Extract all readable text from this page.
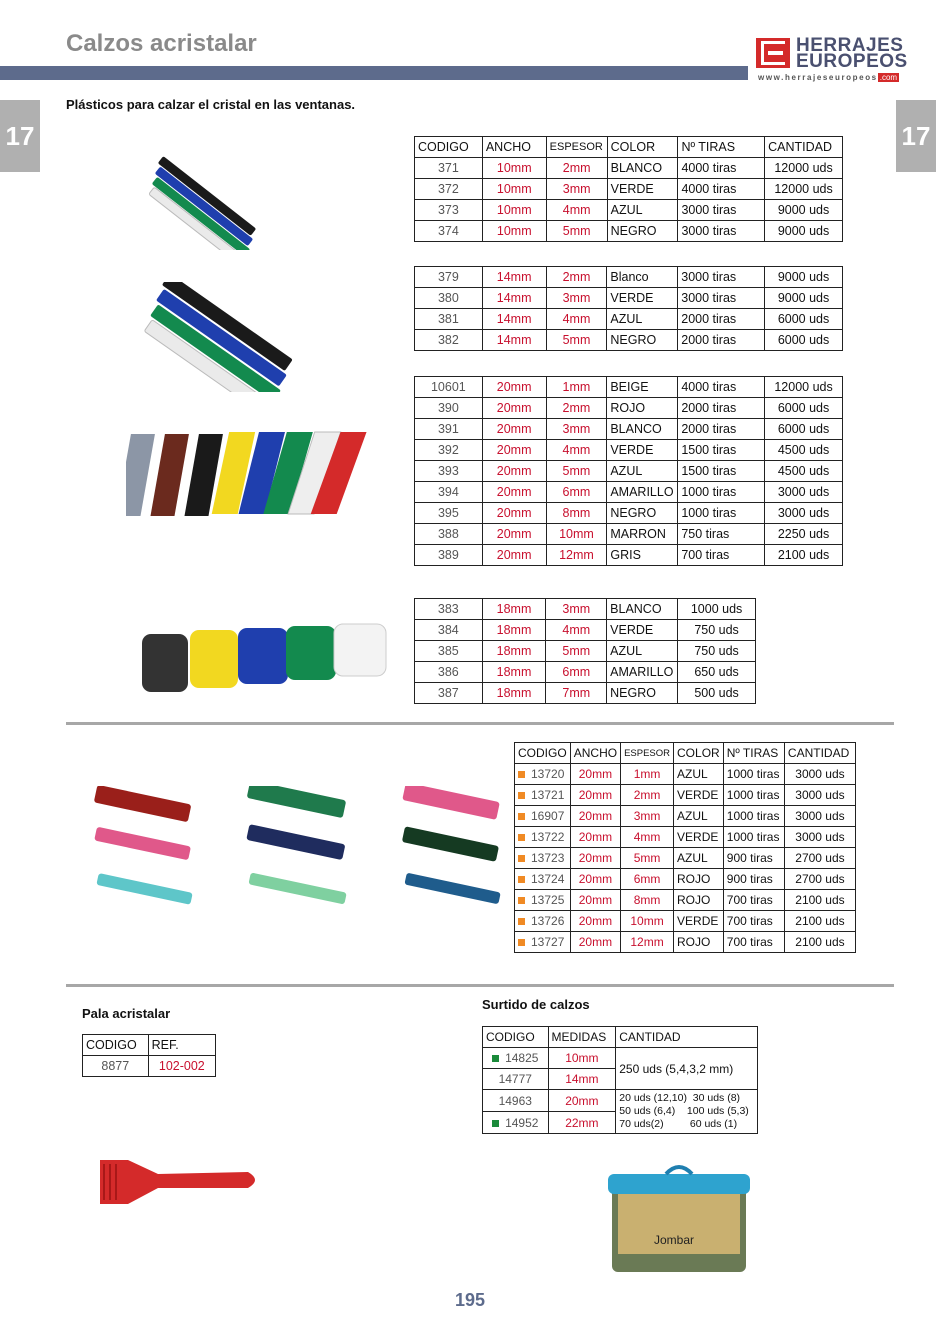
Calzos acristalar	HERRAJES
EUROPEOS
www.herrajeseuropeos .com
17	17
Plásticos para calzar el cristal en las ventanas.
Jombar
CODIGO	ANCHO	ESPESOR	COLOR	Nº TIRAS	CANTIDAD
371	10mm	2mm	BLANCO	4000 tiras	12000 uds
372	10mm	3mm	VERDE	4000 tiras	12000 uds
373	10mm	4mm	AZUL	3000 tiras	9000 uds
374	10mm	5mm	NEGRO	3000 tiras	9000 uds
379	14mm	2mm	Blanco	3000 tiras	9000 uds
380	14mm	3mm	VERDE	3000 tiras	9000 uds
381	14mm	4mm	AZUL	2000 tiras	6000 uds
382	14mm	5mm	NEGRO	2000 tiras	6000 uds
10601	20mm	1mm	BEIGE	4000 tiras	12000 uds
390	20mm	2mm	ROJO	2000 tiras	6000 uds
391	20mm	3mm	BLANCO	2000 tiras	6000 uds
392	20mm	4mm	VERDE	1500 tiras	4500 uds
393	20mm	5mm	AZUL	1500 tiras	4500 uds
394	20mm	6mm	AMARILLO	1000 tiras	3000 uds
395	20mm	8mm	NEGRO	1000 tiras	3000 uds
388	20mm	10mm	MARRON	750 tiras	2250 uds
389	20mm	12mm	GRIS	700 tiras	2100 uds
383	18mm	3mm	BLANCO	1000 uds
384	18mm	4mm	VERDE	750 uds
385	18mm	5mm	AZUL	750 uds
386	18mm	6mm	AMARILLO	650 uds
387	18mm	7mm	NEGRO	500 uds
CODIGO	ANCHO	ESPESOR	COLOR	Nº TIRAS	CANTIDAD
13720	20mm	1mm	AZUL	1000 tiras	3000 uds
13721	20mm	2mm	VERDE	1000 tiras	3000 uds
16907	20mm	3mm	AZUL	1000 tiras	3000 uds
13722	20mm	4mm	VERDE	1000 tiras	3000 uds
13723	20mm	5mm	AZUL	900 tiras	2700 uds
13724	20mm	6mm	ROJO	900 tiras	2700 uds
13725	20mm	8mm	ROJO	700 tiras	2100 uds
13726	20mm	10mm	VERDE	700 tiras	2100 uds
13727	20mm	12mm	ROJO	700 tiras	2100 uds
Pala acristalar
CODIGO	REF.
8877	102-002
Surtido de calzos
CODIGO	MEDIDAS	CANTIDAD
14825	10mm	250 uds (5,4,3,2 mm)
14777	14mm	
14963	20mm	20 uds (12,10)  30 uds (8)
50 uds (6,4)    100 uds (5,3)
70 uds(2)         60 uds (1)

14952	22mm	
195
